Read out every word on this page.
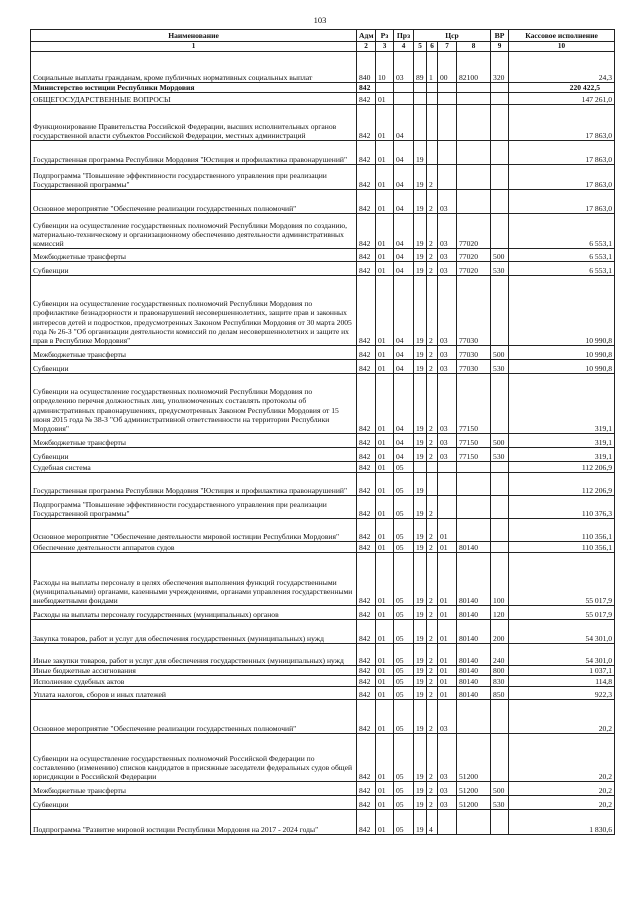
103
Наименование	Адм	Рз	Прз	Цср				ВР	Кассовое исполнение
1	2	3	4	5	6	7	8	9	10
Социальные выплаты гражданам, кроме публичных нормативных социальных выплат	840	10	03	89	1	00	82100	320	24,3
Министерство юстиции Республики Мордовия	842								220 422,5
ОБЩЕГОСУДАРСТВЕННЫЕ ВОПРОСЫ	842	01							147 261,0
Функционирование Правительства Российской Федерации, высших исполнительных органов государственной власти субъектов Российской Федерации, местных администраций	842	01	04						17 863,0
Государственная программа Республики Мордовия "Юстиция и профилактика правонарушений"	842	01	04	19					17 863,0
Подпрограмма "Повышение эффективности государственного управления при реализации Государственной программы"	842	01	04	19	2				17 863,0
Основное мероприятие "Обеспечение реализации государственных полномочий"	842	01	04	19	2	03			17 863,0
Субвенции на осуществление государственных полномочий Республики Мордовия по созданию, материально-техническому и организационному обеспечению деятельности административных комиссий	842	01	04	19	2	03	77020		6 553,1
Межбюджетные трансферты	842	01	04	19	2	03	77020	500	6 553,1
Субвенции	842	01	04	19	2	03	77020	530	6 553,1
Субвенции на осуществление государственных полномочий Республики Мордовия по профилактике безнадзорности и правонарушений несовершеннолетних, защите прав и законных интересов детей и подростков, предусмотренных Законом Республики Мордовия от 30 марта 2005 года № 26-З "Об организации деятельности комиссий по делам несовершеннолетних и защите их прав в Республике Мордовия"	842	01	04	19	2	03	77030		10 990,8
Межбюджетные трансферты	842	01	04	19	2	03	77030	500	10 990,8
Субвенции	842	01	04	19	2	03	77030	530	10 990,8
Субвенции на осуществление государственных полномочий Республики Мордовия по определению перечня должностных лиц, уполномоченных составлять протоколы об административных правонарушениях, предусмотренных Законом Республики Мордовия от 15 июня 2015 года № 38-З "Об административной ответственности на территории Республики Мордовия"	842	01	04	19	2	03	77150		319,1
Межбюджетные трансферты	842	01	04	19	2	03	77150	500	319,1
Субвенции	842	01	04	19	2	03	77150	530	319,1
Судебная система	842	01	05						112 206,9
Государственная программа Республики Мордовия "Юстиция и профилактика правонарушений"	842	01	05	19					112 206,9
Подпрограмма "Повышение эффективности государственного управления при реализации Государственной программы"	842	01	05	19	2				110 376,3
Основное мероприятие "Обеспечение деятельности мировой юстиции Республики Мордовия"	842	01	05	19	2	01			110 356,1
Обеспечение деятельности аппаратов судов	842	01	05	19	2	01	80140		110 356,1
Расходы на выплаты персоналу в целях обеспечения выполнения функций государственными (муниципальными) органами, казенными учреждениями, органами управления государственными внебюджетными фондами	842	01	05	19	2	01	80140	100	55 017,9
Расходы на выплаты персоналу государственных (муниципальных) органов	842	01	05	19	2	01	80140	120	55 017,9
Закупка товаров, работ и услуг для обеспечения государственных (муниципальных) нужд	842	01	05	19	2	01	80140	200	54 301,0
Иные закупки товаров, работ и услуг для обеспечения государственных (муниципальных) нужд	842	01	05	19	2	01	80140	240	54 301,0
Иные бюджетные ассигнования	842	01	05	19	2	01	80140	800	1 037,1
Исполнение судебных актов	842	01	05	19	2	01	80140	830	114,8
Уплата налогов, сборов и иных платежей	842	01	05	19	2	01	80140	850	922,3
Основное мероприятие "Обеспечение реализации государственных полномочий"	842	01	05	19	2	03			20,2
Субвенции на осуществление государственных полномочий Российской Федерации по составлению (изменению) списков кандидатов в присяжные заседатели федеральных судов общей юрисдикции в Российской Федерации	842	01	05	19	2	03	51200		20,2
Межбюджетные трансферты	842	01	05	19	2	03	51200	500	20,2
Субвенции	842	01	05	19	2	03	51200	530	20,2
Подпрограмма "Развитие мировой юстиции Республики Мордовия на 2017 - 2024 годы"	842	01	05	19	4				1 830,6
